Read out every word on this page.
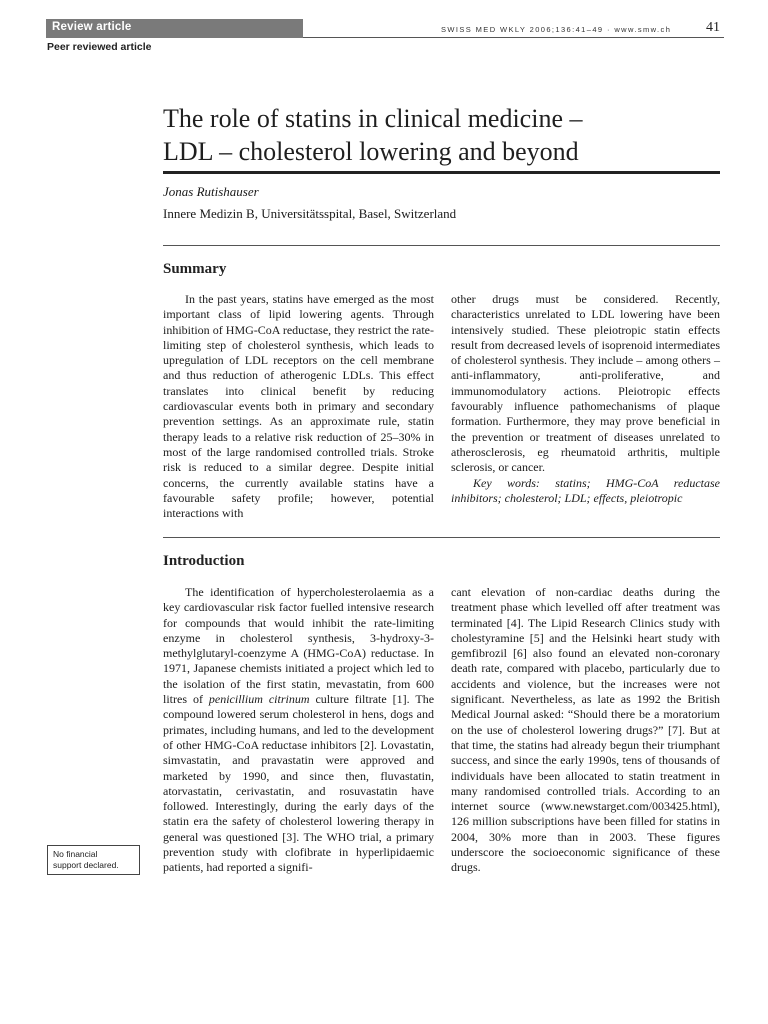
Review article	SWISS MED WKLY 2006;136:41–49 · www.smw.ch 41
Peer reviewed article
The role of statins in clinical medicine –
LDL – cholesterol lowering and beyond
Jonas Rutishauser
Innere Medizin B, Universitätsspital, Basel, Switzerland
Summary

In the past years, statins have emerged as the most important class of lipid lowering agents. Through inhibition of HMG-CoA reductase, they restrict the rate-limiting step of cholesterol synthesis, which leads to upregulation of LDL receptors on the cell membrane and thus reduction of atherogenic LDLs. This effect translates into clinical benefit by reducing cardiovascular events both in primary and secondary prevention settings. As an approximate rule, statin therapy leads to a relative risk reduction of 25–30% in most of the large randomised controlled trials. Stroke risk is reduced to a similar degree. Despite initial concerns, the currently available statins have a favourable safety profile; however, potential interactions with

other drugs must be considered. Recently, characteristics unrelated to LDL lowering have been intensively studied. These pleiotropic statin effects result from decreased levels of isoprenoid intermediates of cholesterol synthesis. They include – among others – anti-inflammatory, anti-proliferative, and immunomodulatory actions. Pleiotropic effects favourably influence pathomechanisms of plaque formation. Furthermore, they may prove beneficial in the prevention or treatment of diseases unrelated to atherosclerosis, eg rheumatoid arthritis, multiple sclerosis, or cancer.

Key words: statins; HMG-CoA reductase inhibitors; cholesterol; LDL; effects, pleiotropic

Introduction

The identification of hypercholesterolaemia as a key cardiovascular risk factor fuelled intensive research for compounds that would inhibit the rate-limiting enzyme in cholesterol synthesis, 3-hydroxy-3-methylglutaryl-coenzyme A (HMG-CoA) reductase. In 1971, Japanese chemists initiated a project which led to the isolation of the first statin, mevastatin, from 600 litres of penicillium citrinum culture filtrate [1]. The compound lowered serum cholesterol in hens, dogs and primates, including humans, and led to the development of other HMG-CoA reductase inhibitors [2]. Lovastatin, simvastatin, and pravastatin were approved and marketed by 1990, and since then, fluvastatin, atorvastatin, cerivastatin, and rosuvastatin have followed. Interestingly, during the early days of the statin era the safety of cholesterol lowering therapy in general was questioned [3]. The WHO trial, a primary prevention study with clofibrate in hyperlipidaemic patients, had reported a signifi-

cant elevation of non-cardiac deaths during the treatment phase which levelled off after treatment was terminated [4]. The Lipid Research Clinics study with cholestyramine [5] and the Helsinki heart study with gemfibrozil [6] also found an elevated non-coronary death rate, compared with placebo, particularly due to accidents and violence, but the increases were not significant. Nevertheless, as late as 1992 the British Medical Journal asked: “Should there be a moratorium on the use of cholesterol lowering drugs?” [7]. But at that time, the statins had already begun their triumphant success, and since the early 1990s, tens of thousands of individuals have been allocated to statin treatment in many randomised controlled trials. According to an internet source (www.newstarget.com/003425.html), 126 million subscriptions have been filled for statins in 2004, 30% more than in 2003. These figures underscore the socioeconomic significance of these drugs.

No financial
support declared.
